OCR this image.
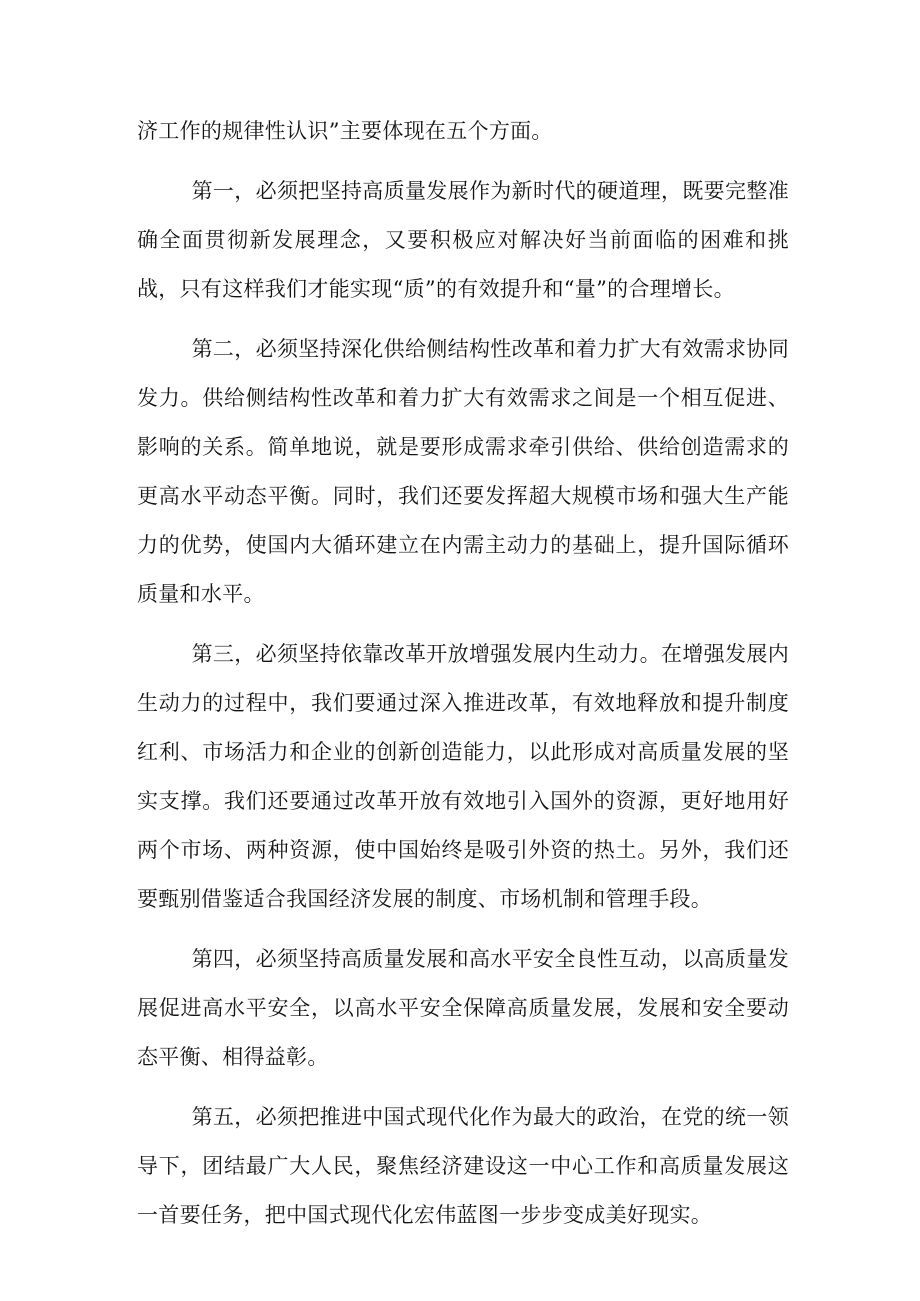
济工作的规律性认识”主要体现在五个方面。

第一，必须把坚持高质量发展作为新时代的硬道理，既要完整准确全面贯彻新发展理念，又要积极应对解决好当前面临的困难和挑战，只有这样我们才能实现“质”的有效提升和“量”的合理增长。

第二，必须坚持深化供给侧结构性改革和着力扩大有效需求协同发力。供给侧结构性改革和着力扩大有效需求之间是一个相互促进、影响的关系。简单地说，就是要形成需求牵引供给、供给创造需求的更高水平动态平衡。同时，我们还要发挥超大规模市场和强大生产能力的优势，使国内大循环建立在内需主动力的基础上，提升国际循环质量和水平。

第三，必须坚持依靠改革开放增强发展内生动力。在增强发展内生动力的过程中，我们要通过深入推进改革，有效地释放和提升制度红利、市场活力和企业的创新创造能力，以此形成对高质量发展的坚实支撑。我们还要通过改革开放有效地引入国外的资源，更好地用好两个市场、两种资源，使中国始终是吸引外资的热土。另外，我们还要甄别借鉴适合我国经济发展的制度、市场机制和管理手段。

第四，必须坚持高质量发展和高水平安全良性互动，以高质量发展促进高水平安全，以高水平安全保障高质量发展，发展和安全要动态平衡、相得益彰。

第五，必须把推进中国式现代化作为最大的政治，在党的统一领导下，团结最广大人民，聚焦经济建设这一中心工作和高质量发展这一首要任务，把中国式现代化宏伟蓝图一步步变成美好现实。
